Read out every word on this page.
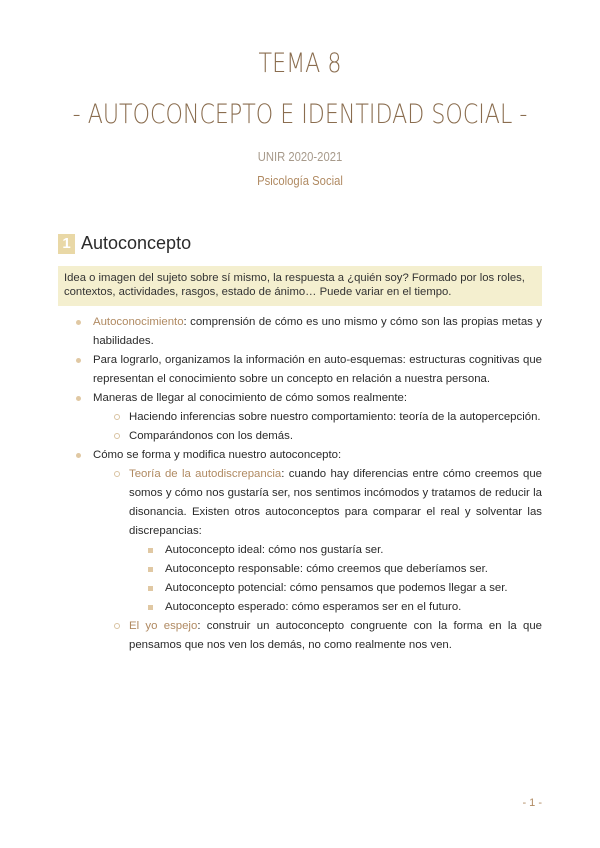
TEMA 8
- AUTOCONCEPTO E IDENTIDAD SOCIAL -
UNIR 2020-2021
Psicología Social
1 Autoconcepto
Idea o imagen del sujeto sobre sí mismo, la respuesta a ¿quién soy? Formado por los roles, contextos, actividades, rasgos, estado de ánimo… Puede variar en el tiempo.
Autoconocimiento: comprensión de cómo es uno mismo y cómo son las propias metas y habilidades.
Para lograrlo, organizamos la información en auto-esquemas: estructuras cognitivas que representan el conocimiento sobre un concepto en relación a nuestra persona.
Maneras de llegar al conocimiento de cómo somos realmente:
Haciendo inferencias sobre nuestro comportamiento: teoría de la autopercepción.
Comparándonos con los demás.
Cómo se forma y modifica nuestro autoconcepto:
Teoría de la autodiscrepancia: cuando hay diferencias entre cómo creemos que somos y cómo nos gustaría ser, nos sentimos incómodos y tratamos de reducir la disonancia. Existen otros autoconceptos para comparar el real y solventar las discrepancias:
Autoconcepto ideal: cómo nos gustaría ser.
Autoconcepto responsable: cómo creemos que deberíamos ser.
Autoconcepto potencial: cómo pensamos que podemos llegar a ser.
Autoconcepto esperado: cómo esperamos ser en el futuro.
El yo espejo: construir un autoconcepto congruente con la forma en la que pensamos que nos ven los demás, no como realmente nos ven.
- 1 -
